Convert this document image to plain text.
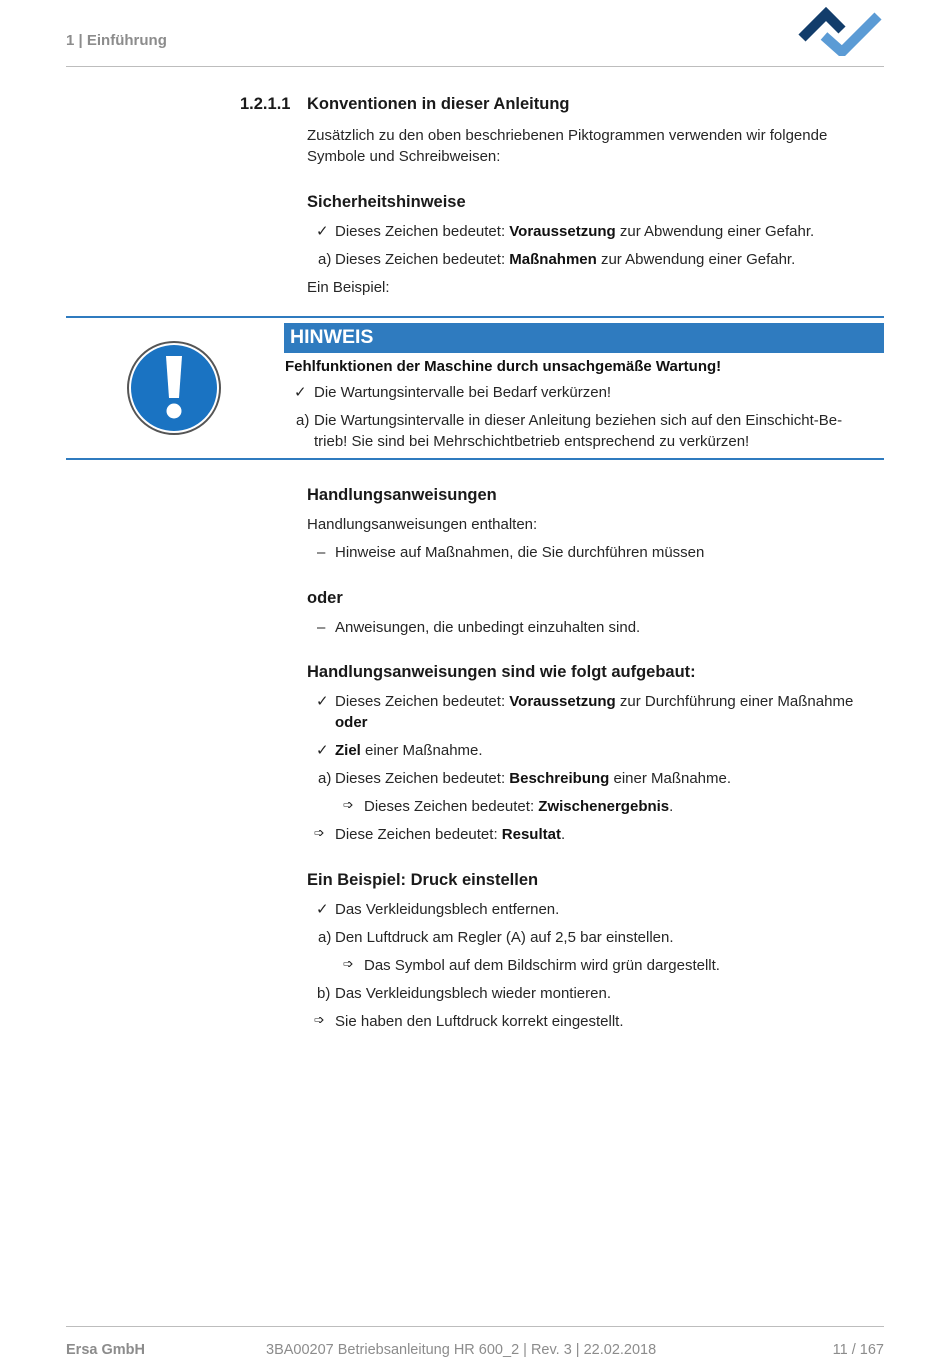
1 | Einführung
1.2.1.1 Konventionen in dieser Anleitung
Zusätzlich zu den oben beschriebenen Piktogrammen verwenden wir folgende
Symbole und Schreibweisen:
Sicherheitshinweise
✓ Dieses Zeichen bedeutet: Voraussetzung zur Abwendung einer Gefahr.
a) Dieses Zeichen bedeutet: Maßnahmen zur Abwendung einer Gefahr.
Ein Beispiel:
HINWEIS
Fehlfunktionen der Maschine durch unsachgemäße Wartung!
✓ Die Wartungsintervalle bei Bedarf verkürzen!
a) Die Wartungsintervalle in dieser Anleitung beziehen sich auf den Einschicht-Be-
trieb! Sie sind bei Mehrschichtbetrieb entsprechend zu verkürzen!
Handlungsanweisungen
Handlungsanweisungen enthalten:
– Hinweise auf Maßnahmen, die Sie durchführen müssen
oder
– Anweisungen, die unbedingt einzuhalten sind.
Handlungsanweisungen sind wie folgt aufgebaut:
✓ Dieses Zeichen bedeutet: Voraussetzung zur Durchführung einer Maßnahme
oder
✓ Ziel einer Maßnahme.
a) Dieses Zeichen bedeutet: Beschreibung einer Maßnahme.
➩ Dieses Zeichen bedeutet: Zwischenergebnis.
➩ Diese Zeichen bedeutet: Resultat.
Ein Beispiel: Druck einstellen
✓ Das Verkleidungsblech entfernen.
a) Den Luftdruck am Regler (A) auf 2,5 bar einstellen.
➩ Das Symbol auf dem Bildschirm wird grün dargestellt.
b) Das Verkleidungsblech wieder montieren.
➩ Sie haben den Luftdruck korrekt eingestellt.
Ersa GmbH	3BA00207 Betriebsanleitung HR 600_2 | Rev. 3 | 22.02.2018	11 / 167
